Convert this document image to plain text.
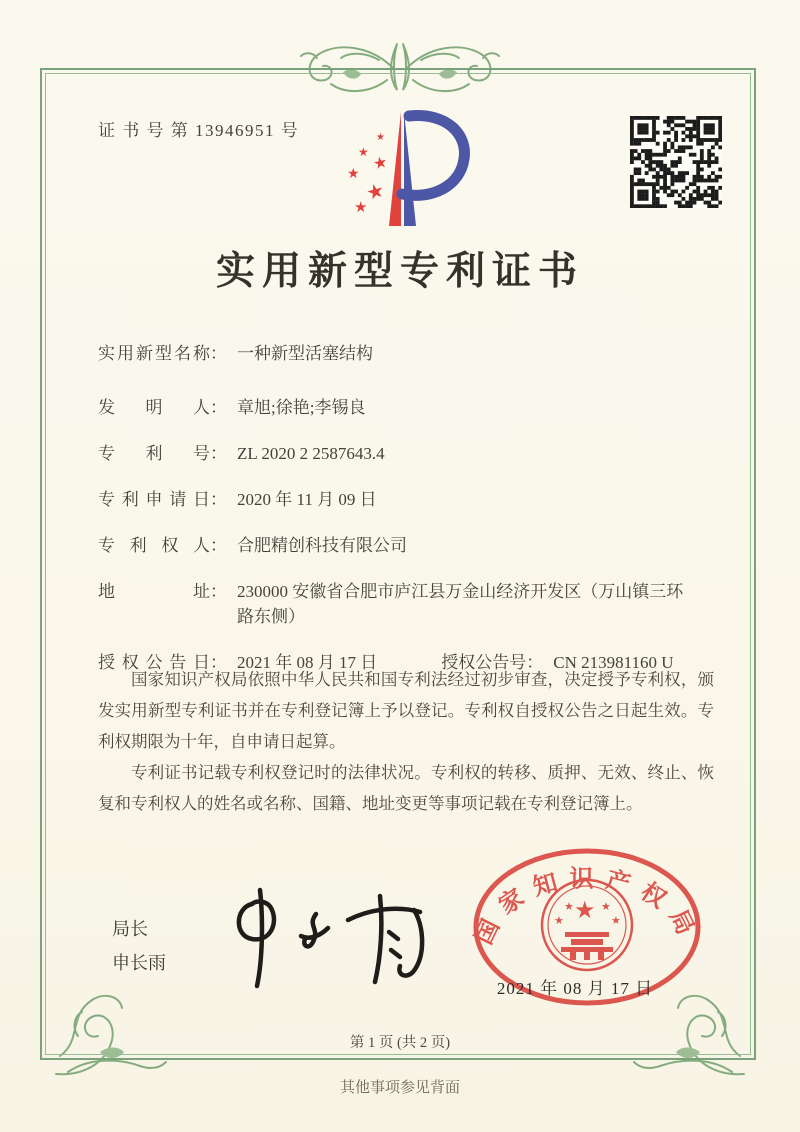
证 书 号 第 13946951 号	★
★
★
★
★
★
实用新型专利证书
实用新型名称 ： 一种新型活塞结构
发明人 ： 章旭;徐艳;李锡良
专利号 ： ZL 2020 2 2587643.4
专利申请日 ： 2020 年 11 月 09 日
专利权人 ： 合肥精创科技有限公司
地址 ： 230000 安徽省合肥市庐江县万金山经济开发区（万山镇三环路东侧）
授权公告日 ： 2021 年 08 月 17 日	授权公告号 ： CN 213981160 U

国家知识产权局依照中华人民共和国专利法经过初步审查，决定授予专利权，颁发实用新型专利证书并在专利登记簿上予以登记。专利权自授权公告之日起生效。专利权期限为十年，自申请日起算。

专利证书记载专利权登记时的法律状况。专利权的转移、质押、无效、终止、恢复和专利权人的姓名或名称、国籍、地址变更等事项记载在专利登记簿上。

局长
申长雨
国家知识产权局
★
★
★ ★
★
2021 年 08 月 17 日
第 1 页 (共 2 页)
其他事项参见背面
